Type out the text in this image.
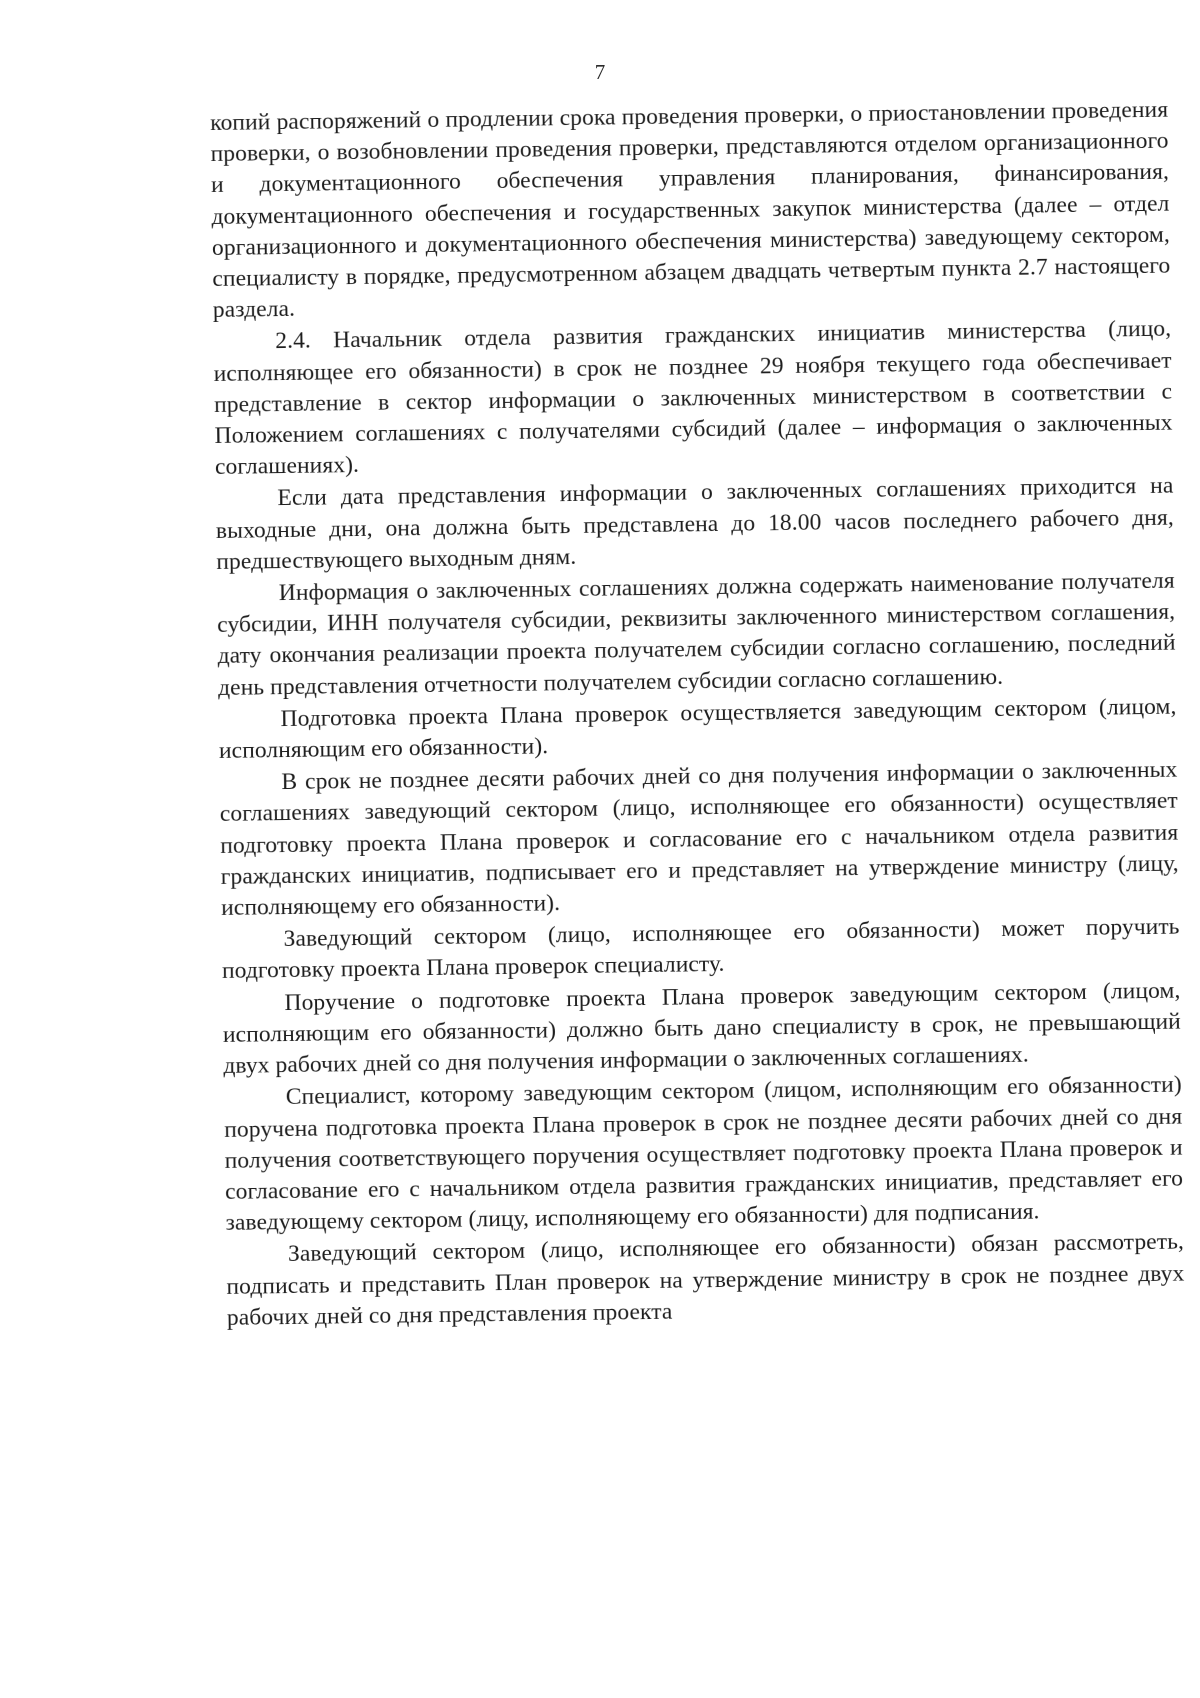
7

копий распоряжений о продлении срока проведения проверки, о приостановлении проведения проверки, о возобновлении проведения проверки, представляются отделом организационного и документационного обеспечения управления планирования, финансирования, документационного обеспечения и государственных закупок министерства (далее – отдел организационного и документационного обеспечения министерства) заведующему сектором, специалисту в порядке, предусмотренном абзацем двадцать четвертым пункта 2.7 настоящего раздела.

2.4. Начальник отдела развития гражданских инициатив министерства (лицо, исполняющее его обязанности) в срок не позднее 29 ноября текущего года обеспечивает представление в сектор информации о заключенных министерством в соответствии с Положением соглашениях с получателями субсидий (далее – информация о заключенных соглашениях).

Если дата представления информации о заключенных соглашениях приходится на выходные дни, она должна быть представлена до 18.00 часов последнего рабочего дня, предшествующего выходным дням.

Информация о заключенных соглашениях должна содержать наименование получателя субсидии, ИНН получателя субсидии, реквизиты заключенного министерством соглашения, дату окончания реализации проекта получателем субсидии согласно соглашению, последний день представления отчетности получателем субсидии согласно соглашению.

Подготовка проекта Плана проверок осуществляется заведующим сектором (лицом, исполняющим его обязанности).

В срок не позднее десяти рабочих дней со дня получения информации о заключенных соглашениях заведующий сектором (лицо, исполняющее его обязанности) осуществляет подготовку проекта Плана проверок и согласование его с начальником отдела развития гражданских инициатив, подписывает его и представляет на утверждение министру (лицу, исполняющему его обязанности).

Заведующий сектором (лицо, исполняющее его обязанности) может поручить подготовку проекта Плана проверок специалисту.

Поручение о подготовке проекта Плана проверок заведующим сектором (лицом, исполняющим его обязанности) должно быть дано специалисту в срок, не превышающий двух рабочих дней со дня получения информации о заключенных соглашениях.

Специалист, которому заведующим сектором (лицом, исполняющим его обязанности) поручена подготовка проекта Плана проверок в срок не позднее десяти рабочих дней со дня получения соответствующего поручения осуществляет подготовку проекта Плана проверок и согласование его с начальником отдела развития гражданских инициатив, представляет его заведующему сектором (лицу, исполняющему его обязанности) для подписания.

Заведующий сектором (лицо, исполняющее его обязанности) обязан рассмотреть, подписать и представить План проверок на утверждение министру в срок не позднее двух рабочих дней со дня представления проекта
